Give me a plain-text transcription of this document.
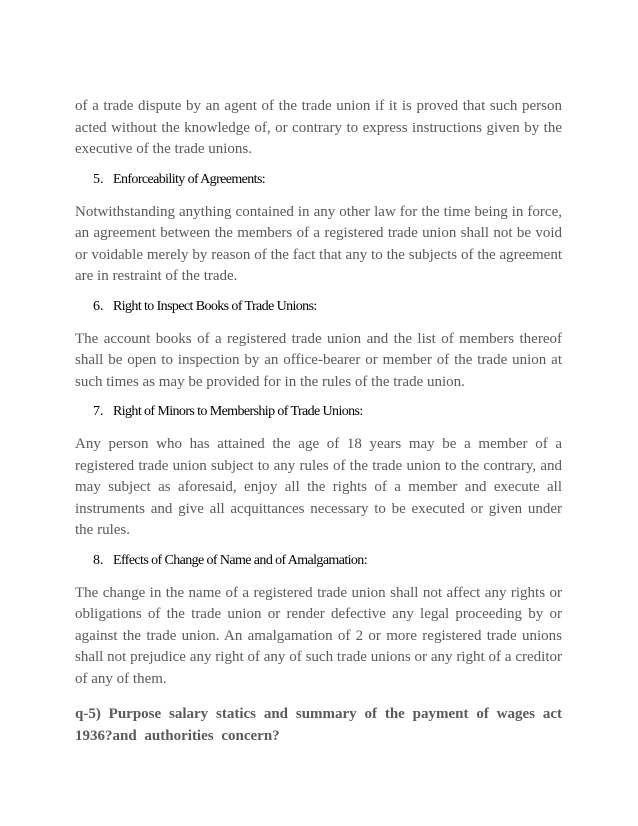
of a trade dispute by an agent of the trade union if it is proved that such person acted without the knowledge of, or contrary to express instructions given by the executive of the trade unions.

5. Enforceability of Agreements:

Notwithstanding anything contained in any other law for the time being in force, an agreement between the members of a registered trade union shall not be void or voidable merely by reason of the fact that any to the subjects of the agreement are in restraint of the trade.

6. Right to Inspect Books of Trade Unions:

The account books of a registered trade union and the list of members thereof shall be open to inspection by an office-bearer or member of the trade union at such times as may be provided for in the rules of the trade union.

7. Right of Minors to Membership of Trade Unions:

Any person who has attained the age of 18 years may be a member of a registered trade union subject to any rules of the trade union to the contrary, and may subject as aforesaid, enjoy all the rights of a member and execute all instruments and give all acquittances necessary to be executed or given under the rules.

8. Effects of Change of Name and of Amalgamation:

The change in the name of a registered trade union shall not affect any rights or obligations of the trade union or render defective any legal proceeding by or against the trade union. An amalgamation of 2 or more registered trade unions shall not prejudice any right of any of such trade unions or any right of a creditor of any of them.

q-5) Purpose salary statics and summary of the payment of wages act 1936?and authorities concern?
